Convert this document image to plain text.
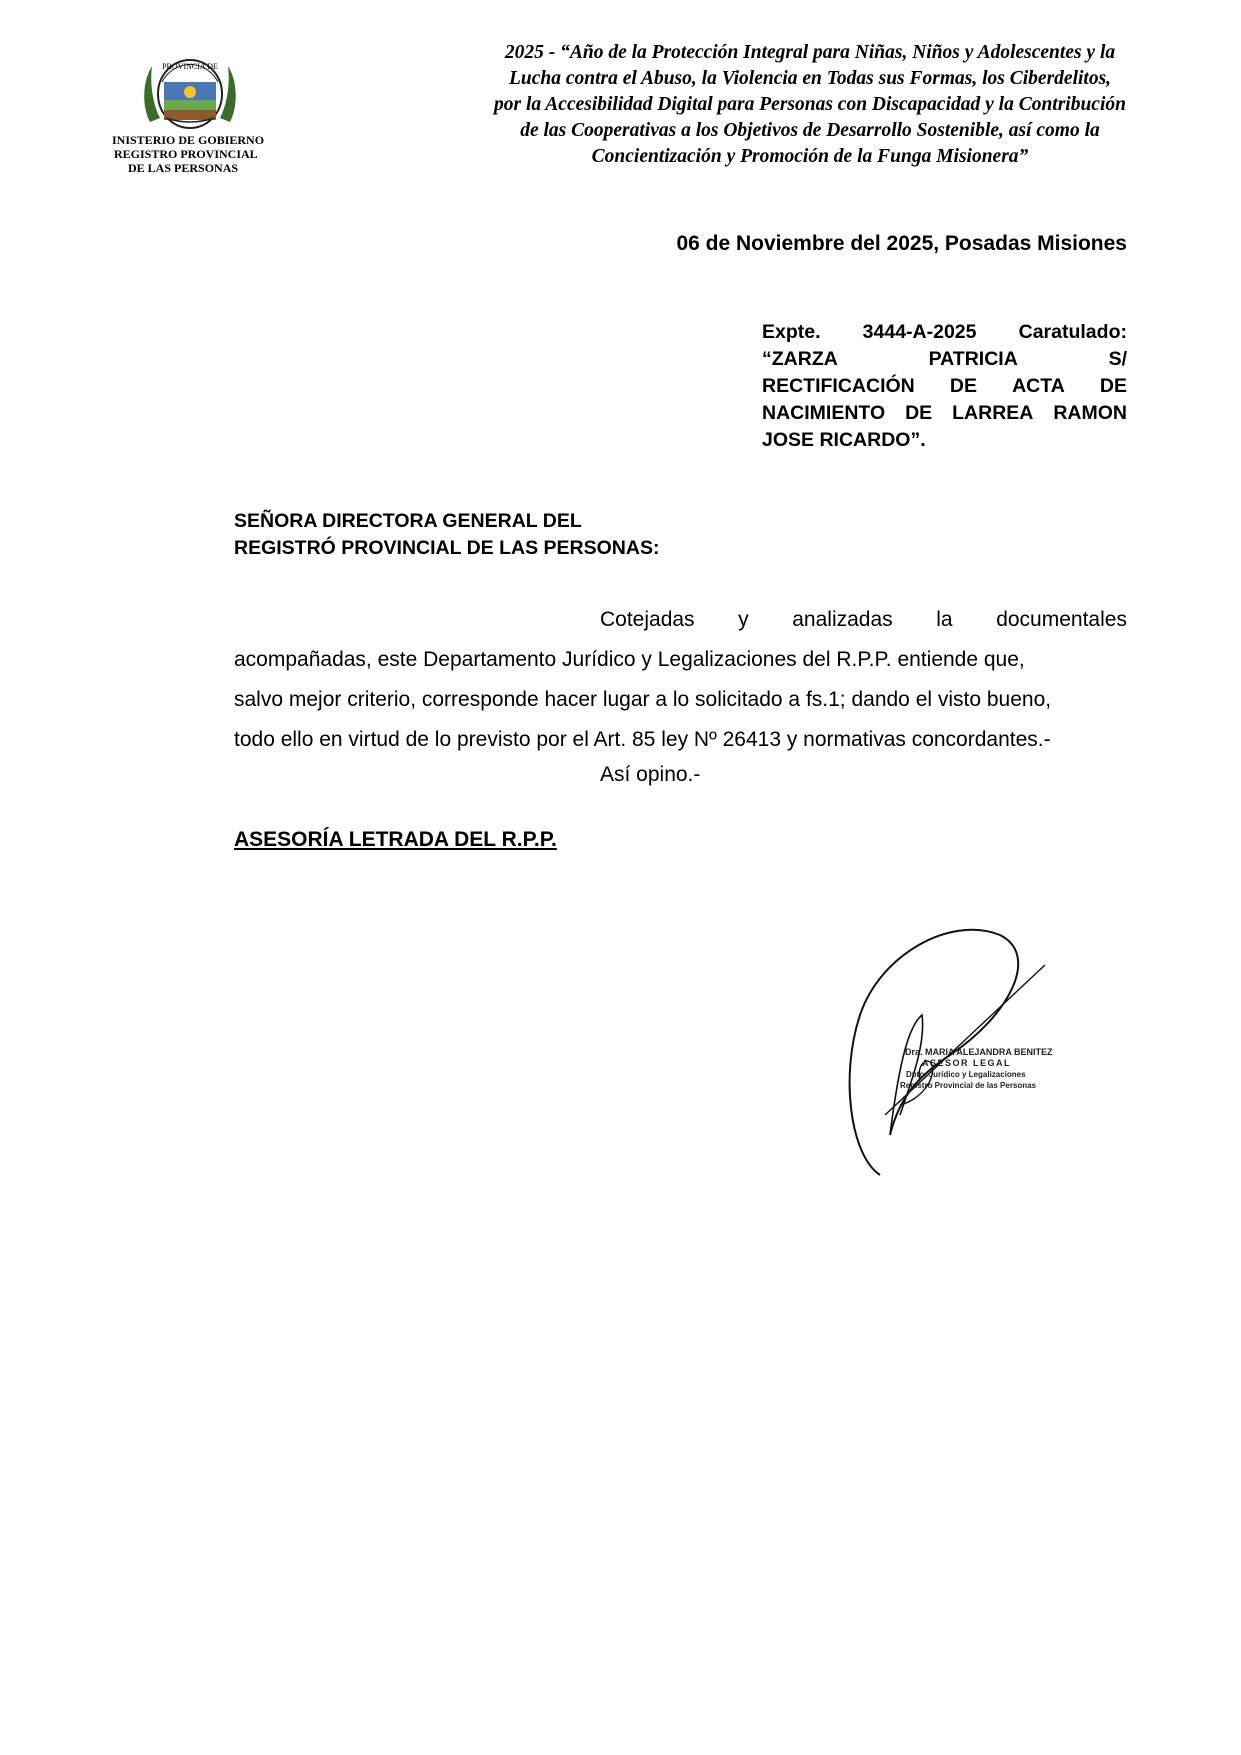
PROVINCIA DE
INISTERIO DE GOBIERNO
REGISTRO PROVINCIAL
DE LAS PERSONAS
2025 - “Año de la Protección Integral para Niñas, Niños y Adolescentes y la
Lucha contra el Abuso, la Violencia en Todas sus Formas, los Ciberdelitos,
por la Accesibilidad Digital para Personas con Discapacidad y la Contribución
de las Cooperativas a los Objetivos de Desarrollo Sostenible, así como la
Concientización y Promoción de la Funga Misionera”
06 de Noviembre del 2025, Posadas Misiones
Expte. 3444-A-2025 Caratulado:
“ZARZA	PATRICIA	S/
RECTIFICACIÓN DE ACTA DE
NACIMIENTO DE LARREA RAMON
JOSE RICARDO”.
SEÑORA DIRECTORA GENERAL DEL
REGISTRÓ PROVINCIAL DE LAS PERSONAS:
Cotejadas y analizadas la documentales
acompañadas, este Departamento Jurídico y Legalizaciones del R.P.P. entiende que,
salvo mejor criterio, corresponde hacer lugar a lo solicitado a fs.1; dando el visto bueno,
todo ello en virtud de lo previsto por el Art. 85 ley Nº 26413 y normativas concordantes.-
Así opino.-
ASESORÍA LETRADA DEL R.P.P.
Dra. MARIA ALEJANDRA BENITEZ
ASESOR LEGAL
Dpto. Jurídico y Legalizaciones
Registro Provincial de las Personas
